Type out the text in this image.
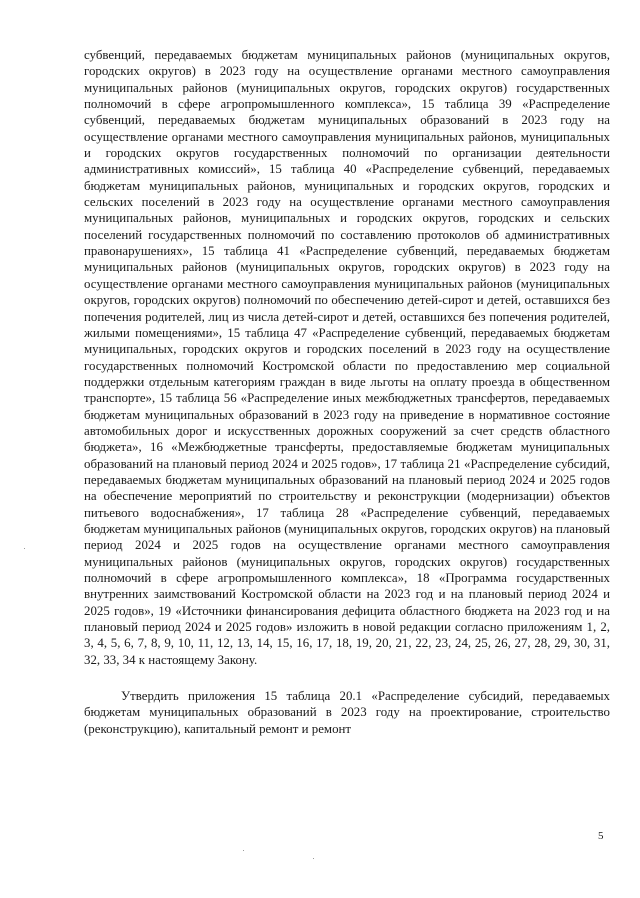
субвенций, передаваемых бюджетам муниципальных районов (муниципальных округов, городских округов) в 2023 году на осуществление органами местного самоуправления муниципальных районов (муниципальных округов, городских округов) государственных полномочий в сфере агропромышленного комплекса», 15 таблица 39 «Распределение субвенций, передаваемых бюджетам муниципальных образований в 2023 году на осуществление органами местного самоуправления муниципальных районов, муниципальных и городских округов государственных полномочий по организации деятельности административных комиссий», 15 таблица 40 «Распределение субвенций, передаваемых бюджетам муниципальных районов, муниципальных и городских округов, городских и сельских поселений в 2023 году на осуществление органами местного самоуправления муниципальных районов, муниципальных и городских округов, городских и сельских поселений государственных полномочий по составлению протоколов об административных правонарушениях», 15 таблица 41 «Распределение субвенций, передаваемых бюджетам муниципальных районов (муниципальных округов, городских округов) в 2023 году на осуществление органами местного самоуправления муниципальных районов (муниципальных округов, городских округов) полномочий по обеспечению детей-сирот и детей, оставшихся без попечения родителей, лиц из числа детей-сирот и детей, оставшихся без попечения родителей, жилыми помещениями», 15 таблица 47 «Распределение субвенций, передаваемых бюджетам муниципальных, городских округов и городских поселений в 2023 году на осуществление государственных полномочий Костромской области по предоставлению мер социальной поддержки отдельным категориям граждан в виде льготы на оплату проезда в общественном транспорте», 15 таблица 56 «Распределение иных межбюджетных трансфертов, передаваемых бюджетам муниципальных образований в 2023 году на приведение в нормативное состояние автомобильных дорог и искусственных дорожных сооружений за счет средств областного бюджета», 16 «Межбюджетные трансферты, предоставляемые бюджетам муниципальных образований на плановый период 2024 и 2025 годов», 17 таблица 21 «Распределение субсидий, передаваемых бюджетам муниципальных образований на плановый период 2024 и 2025 годов на обеспечение мероприятий по строительству и реконструкции (модернизации) объектов питьевого водоснабжения», 17 таблица 28 «Распределение субвенций, передаваемых бюджетам муниципальных районов (муниципальных округов, городских округов) на плановый период 2024 и 2025 годов на осуществление органами местного самоуправления муниципальных районов (муниципальных округов, городских округов) государственных полномочий в сфере агропромышленного комплекса», 18 «Программа государственных внутренних заимствований Костромской области на 2023 год и на плановый период 2024 и 2025 годов», 19 «Источники финансирования дефицита областного бюджета на 2023 год и на плановый период 2024 и 2025 годов» изложить в новой редакции согласно приложениям 1, 2, 3, 4, 5, 6, 7, 8, 9, 10, 11, 12, 13, 14, 15, 16, 17, 18, 19, 20, 21, 22, 23, 24, 25, 26, 27, 28, 29, 30, 31, 32, 33, 34 к настоящему Закону.

Утвердить приложения 15 таблица 20.1 «Распределение субсидий, передаваемых бюджетам муниципальных образований в 2023 году на проектирование, строительство (реконструкцию), капитальный ремонт и ремонт

5
